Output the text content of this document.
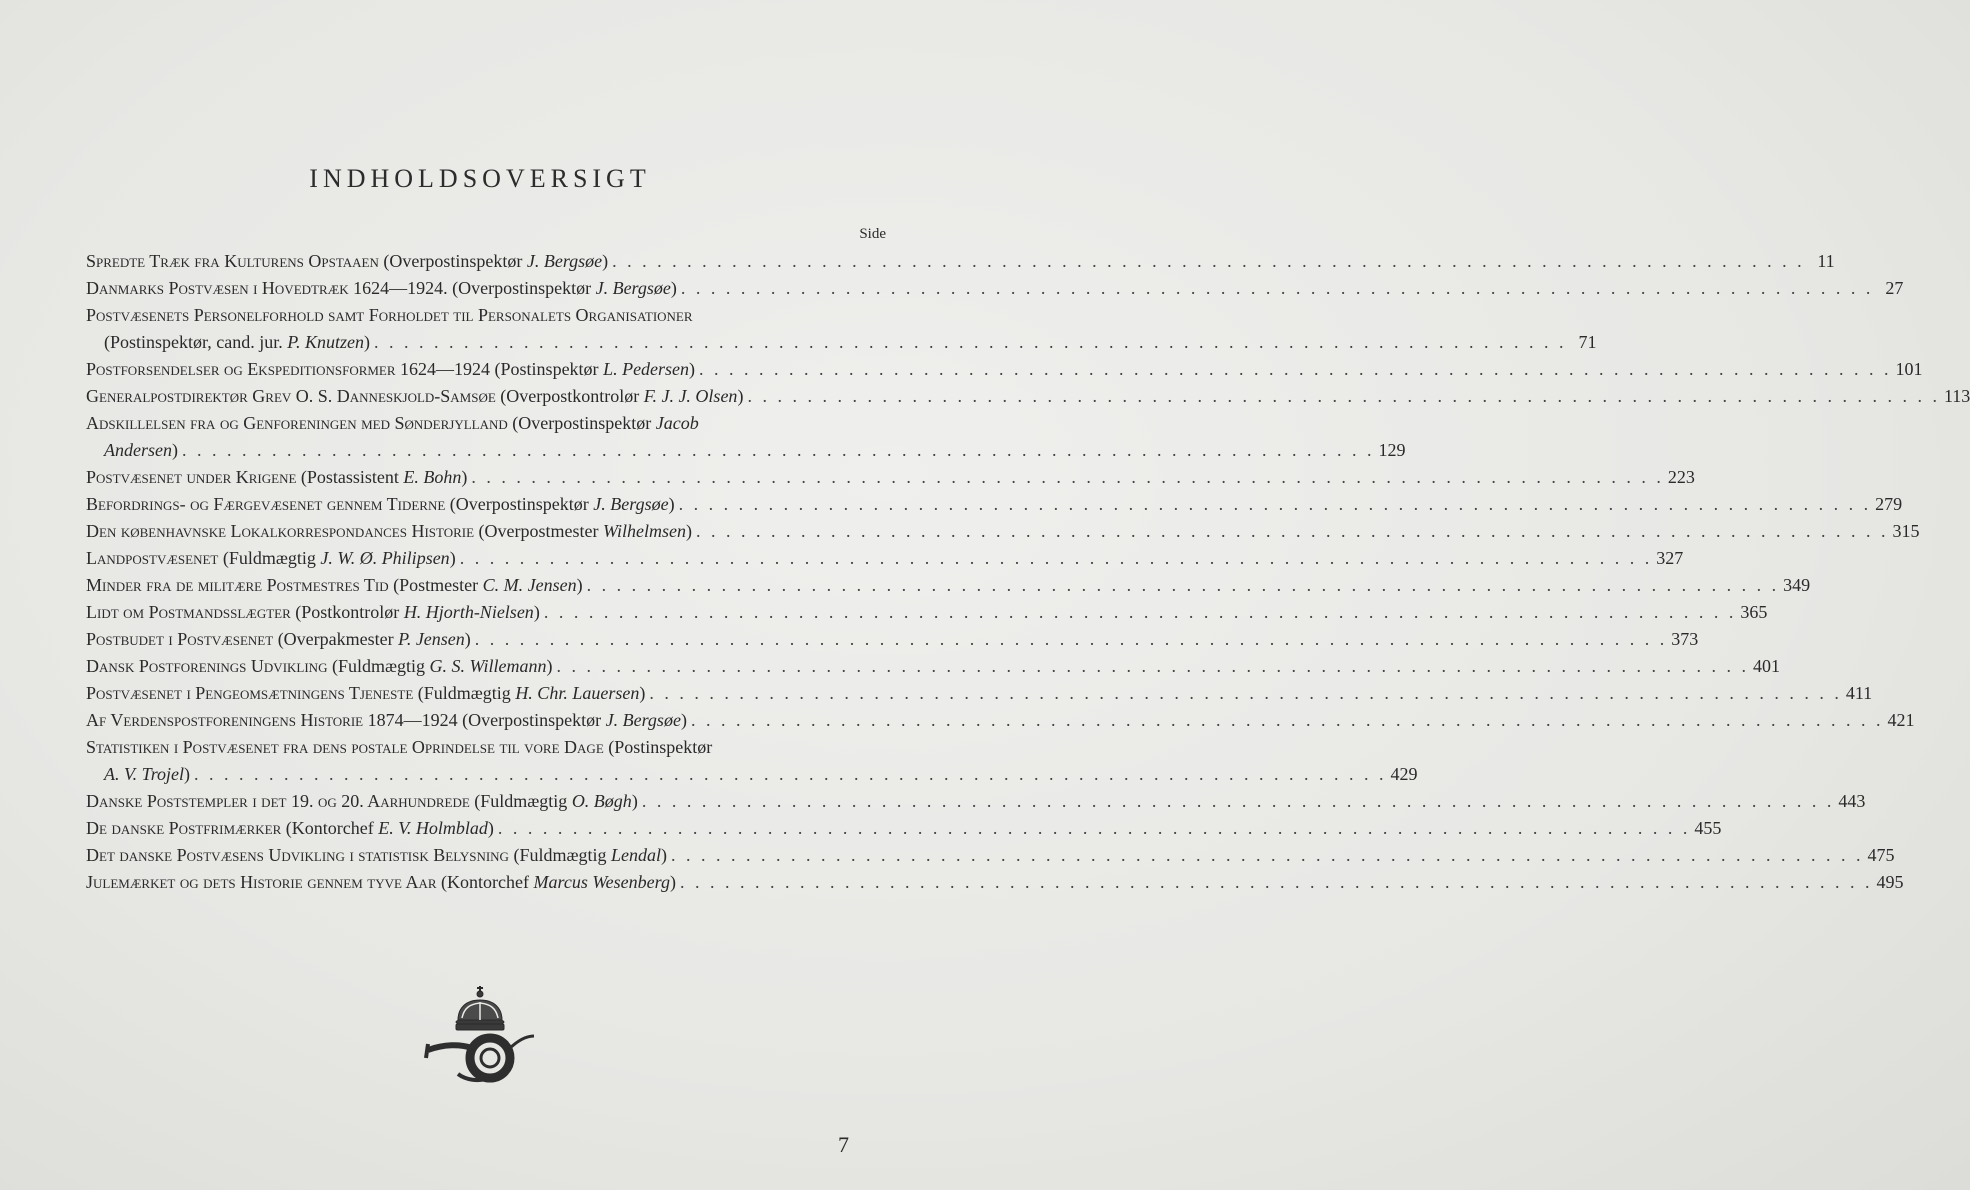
INDHOLDSOVERSIGT
Side
Spredte Træk fra Kulturens Opstaaen (Overpostinspektør J. Bergsøe) . . . . . . . . . . . . . . . . . . . . . . . . . . . . . . . . . . . . . . . . . . . . . . . . . . . . . . . . . . . . . . . . . . . . . . . . . . . . . . . . 11
Danmarks Postvæsen i Hovedtræk 1624—1924. (Overpostinspektør J. Bergsøe) . . . . . . . . . . . . . . . . . . . . . . . . . . . . . . . . . . . . . . . . . . . . . . . . . . . . . . . . . . . . . . . . . . . . . . . . . . . . . . . . 27
Postvæsenets Personelforhold samt Forholdet til Personalets Organisationer
(Postinspektør, cand. jur. P. Knutzen) . . . . . . . . . . . . . . . . . . . . . . . . . . . . . . . . . . . . . . . . . . . . . . . . . . . . . . . . . . . . . . . . . . . . . . . . . . . . . . . . 71
Postforsendelser og Ekspeditionsformer 1624—1924 (Postinspektør L. Pedersen) . . . . . . . . . . . . . . . . . . . . . . . . . . . . . . . . . . . . . . . . . . . . . . . . . . . . . . . . . . . . . . . . . . . . . . . . . . . . . . . . 101
Generalpostdirektør Grev O. S. Danneskjold-Samsøe (Overpostkontrolør F. J. J. Olsen) . . . . . . . . . . . . . . . . . . . . . . . . . . . . . . . . . . . . . . . . . . . . . . . . . . . . . . . . . . . . . . . . . . . . . . . . . . . . . . . . 113
Adskillelsen fra og Genforeningen med Sønderjylland (Overpostinspektør Jacob
Andersen) . . . . . . . . . . . . . . . . . . . . . . . . . . . . . . . . . . . . . . . . . . . . . . . . . . . . . . . . . . . . . . . . . . . . . . . . . . . . . . . . 129
Postvæsenet under Krigene (Postassistent E. Bohn) . . . . . . . . . . . . . . . . . . . . . . . . . . . . . . . . . . . . . . . . . . . . . . . . . . . . . . . . . . . . . . . . . . . . . . . . . . . . . . . . 223
Befordrings- og Færgevæsenet gennem Tiderne (Overpostinspektør J. Bergsøe) . . . . . . . . . . . . . . . . . . . . . . . . . . . . . . . . . . . . . . . . . . . . . . . . . . . . . . . . . . . . . . . . . . . . . . . . . . . . . . . . 279
Den københavnske Lokalkorrespondances Historie (Overpostmester Wilhelmsen) . . . . . . . . . . . . . . . . . . . . . . . . . . . . . . . . . . . . . . . . . . . . . . . . . . . . . . . . . . . . . . . . . . . . . . . . . . . . . . . . 315
Landpostvæsenet (Fuldmægtig J. W. Ø. Philipsen) . . . . . . . . . . . . . . . . . . . . . . . . . . . . . . . . . . . . . . . . . . . . . . . . . . . . . . . . . . . . . . . . . . . . . . . . . . . . . . . . 327
Minder fra de militære Postmestres Tid (Postmester C. M. Jensen) . . . . . . . . . . . . . . . . . . . . . . . . . . . . . . . . . . . . . . . . . . . . . . . . . . . . . . . . . . . . . . . . . . . . . . . . . . . . . . . . 349
Lidt om Postmandsslægter (Postkontrolør H. Hjorth-Nielsen) . . . . . . . . . . . . . . . . . . . . . . . . . . . . . . . . . . . . . . . . . . . . . . . . . . . . . . . . . . . . . . . . . . . . . . . . . . . . . . . . 365
Postbudet i Postvæsenet (Overpakmester P. Jensen) . . . . . . . . . . . . . . . . . . . . . . . . . . . . . . . . . . . . . . . . . . . . . . . . . . . . . . . . . . . . . . . . . . . . . . . . . . . . . . . . 373
Dansk Postforenings Udvikling (Fuldmægtig G. S. Willemann) . . . . . . . . . . . . . . . . . . . . . . . . . . . . . . . . . . . . . . . . . . . . . . . . . . . . . . . . . . . . . . . . . . . . . . . . . . . . . . . . 401
Postvæsenet i Pengeomsætningens Tjeneste (Fuldmægtig H. Chr. Lauersen) . . . . . . . . . . . . . . . . . . . . . . . . . . . . . . . . . . . . . . . . . . . . . . . . . . . . . . . . . . . . . . . . . . . . . . . . . . . . . . . . 411
Af Verdenspostforeningens Historie 1874—1924 (Overpostinspektør J. Bergsøe) . . . . . . . . . . . . . . . . . . . . . . . . . . . . . . . . . . . . . . . . . . . . . . . . . . . . . . . . . . . . . . . . . . . . . . . . . . . . . . . . 421
Statistiken i Postvæsenet fra dens postale Oprindelse til vore Dage (Postinspektør
A. V. Trojel) . . . . . . . . . . . . . . . . . . . . . . . . . . . . . . . . . . . . . . . . . . . . . . . . . . . . . . . . . . . . . . . . . . . . . . . . . . . . . . . . 429
Danske Poststempler i det 19. og 20. Aarhundrede (Fuldmægtig O. Bøgh) . . . . . . . . . . . . . . . . . . . . . . . . . . . . . . . . . . . . . . . . . . . . . . . . . . . . . . . . . . . . . . . . . . . . . . . . . . . . . . . . 443
De danske Postfrimærker (Kontorchef E. V. Holmblad) . . . . . . . . . . . . . . . . . . . . . . . . . . . . . . . . . . . . . . . . . . . . . . . . . . . . . . . . . . . . . . . . . . . . . . . . . . . . . . . . 455
Det danske Postvæsens Udvikling i statistisk Belysning (Fuldmægtig Lendal) . . . . . . . . . . . . . . . . . . . . . . . . . . . . . . . . . . . . . . . . . . . . . . . . . . . . . . . . . . . . . . . . . . . . . . . . . . . . . . . . 475
Julemærket og dets Historie gennem tyve Aar (Kontorchef Marcus Wesenberg) . . . . . . . . . . . . . . . . . . . . . . . . . . . . . . . . . . . . . . . . . . . . . . . . . . . . . . . . . . . . . . . . . . . . . . . . . . . . . . . . 495
7
